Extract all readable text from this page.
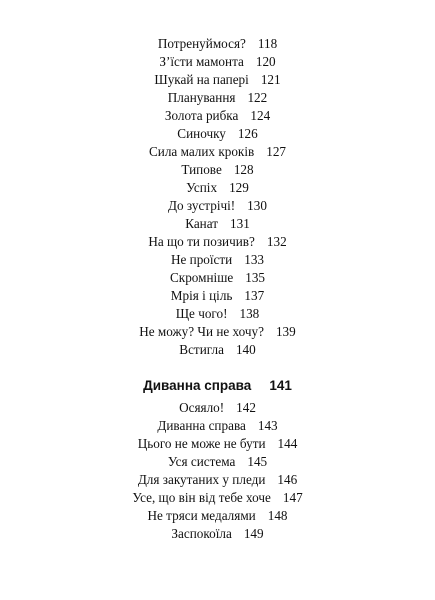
Потренуймося? 118
З’їсти мамонта 120
Шукай на папері 121
Планування 122
Золота рибка 124
Синочку 126
Сила малих кроків 127
Типове 128
Успіх 129
До зустрічі! 130
Канат 131
На що ти позичив? 132
Не проїсти 133
Скромніше 135
Мрія і ціль 137
Ще чого! 138
Не можу? Чи не хочу? 139
Встигла 140
Диванна справа 141
Осяяло! 142
Диванна справа 143
Цього не може не бути 144
Уся система 145
Для закутаних у пледи 146
Усе, що він від тебе хоче 147
Не тряси медалями 148
Заспокоїла 149
